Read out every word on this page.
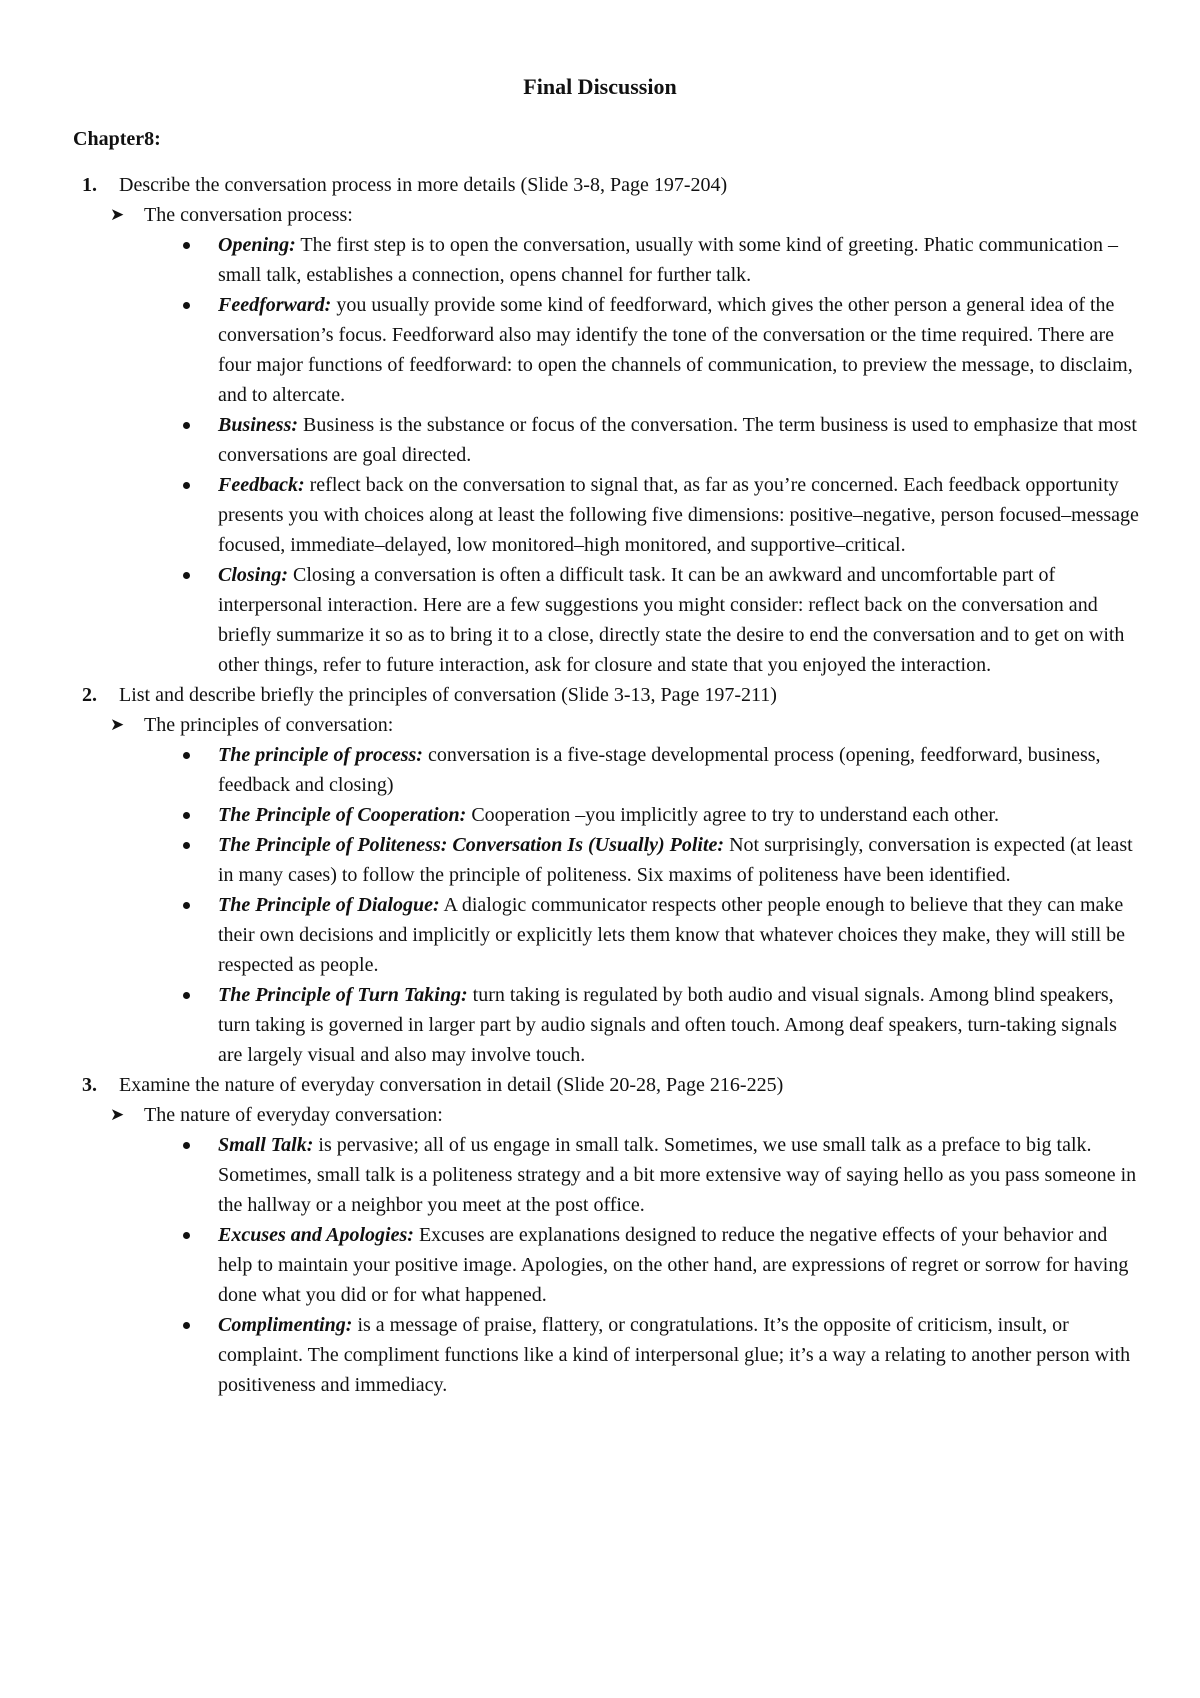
Final Discussion
Chapter8:
1. Describe the conversation process in more details (Slide 3-8, Page 197-204)
➤ The conversation process:
Opening: The first step is to open the conversation, usually with some kind of greeting. Phatic communication –small talk, establishes a connection, opens channel for further talk.
Feedforward: you usually provide some kind of feedforward, which gives the other person a general idea of the conversation’s focus. Feedforward also may identify the tone of the conversation or the time required. There are four major functions of feedforward: to open the channels of communication, to preview the message, to disclaim, and to altercate.
Business: Business is the substance or focus of the conversation. The term business is used to emphasize that most conversations are goal directed.
Feedback: reflect back on the conversation to signal that, as far as you’re concerned. Each feedback opportunity presents you with choices along at least the following five dimensions: positive–negative, person focused–message focused, immediate–delayed, low monitored–high monitored, and supportive–critical.
Closing: Closing a conversation is often a difficult task. It can be an awkward and uncomfortable part of interpersonal interaction. Here are a few suggestions you might consider: reflect back on the conversation and briefly summarize it so as to bring it to a close, directly state the desire to end the conversation and to get on with other things, refer to future interaction, ask for closure and state that you enjoyed the interaction.
2. List and describe briefly the principles of conversation (Slide 3-13, Page 197-211)
➤ The principles of conversation:
The principle of process: conversation is a five-stage developmental process (opening, feedforward, business, feedback and closing)
The Principle of Cooperation: Cooperation –you implicitly agree to try to understand each other.
The Principle of Politeness: Conversation Is (Usually) Polite: Not surprisingly, conversation is expected (at least in many cases) to follow the principle of politeness. Six maxims of politeness have been identified.
The Principle of Dialogue: A dialogic communicator respects other people enough to believe that they can make their own decisions and implicitly or explicitly lets them know that whatever choices they make, they will still be respected as people.
The Principle of Turn Taking: turn taking is regulated by both audio and visual signals. Among blind speakers, turn taking is governed in larger part by audio signals and often touch. Among deaf speakers, turn-taking signals are largely visual and also may involve touch.
3. Examine the nature of everyday conversation in detail (Slide 20-28, Page 216-225)
➤ The nature of everyday conversation:
Small Talk: is pervasive; all of us engage in small talk. Sometimes, we use small talk as a preface to big talk. Sometimes, small talk is a politeness strategy and a bit more extensive way of saying hello as you pass someone in the hallway or a neighbor you meet at the post office.
Excuses and Apologies: Excuses are explanations designed to reduce the negative effects of your behavior and help to maintain your positive image. Apologies, on the other hand, are expressions of regret or sorrow for having done what you did or for what happened.
Complimenting: is a message of praise, flattery, or congratulations. It’s the opposite of criticism, insult, or complaint. The compliment functions like a kind of interpersonal glue; it’s a way a relating to another person with positiveness and immediacy.
